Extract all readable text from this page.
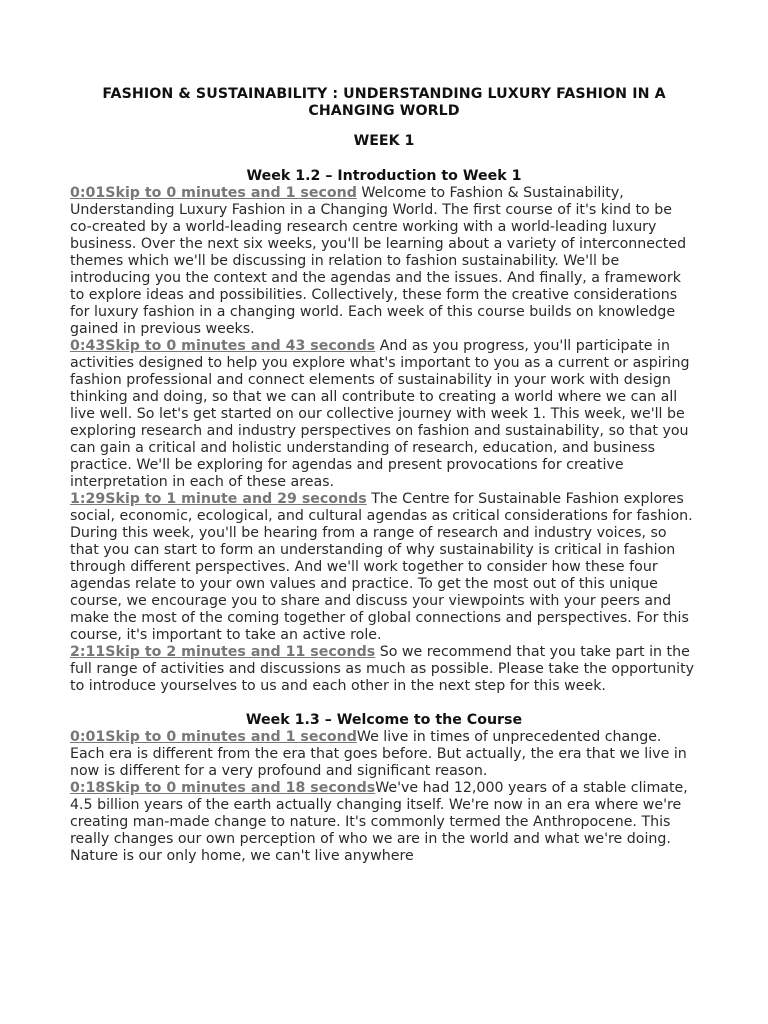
FASHION & SUSTAINABILITY : UNDERSTANDING LUXURY FASHION IN A CHANGING WORLD
WEEK 1
Week 1.2 – Introduction to Week 1

0:01Skip to 0 minutes and 1 second Welcome to Fashion & Sustainability, Understanding Luxury Fashion in a Changing World. The first course of it's kind to be co-created by a world-leading research centre working with a world-leading luxury business. Over the next six weeks, you'll be learning about a variety of interconnected themes which we'll be discussing in relation to fashion sustainability. We'll be introducing you the context and the agendas and the issues. And finally, a framework to explore ideas and possibilities. Collectively, these form the creative considerations for luxury fashion in a changing world. Each week of this course builds on knowledge gained in previous weeks.

0:43Skip to 0 minutes and 43 seconds And as you progress, you'll participate in activities designed to help you explore what's important to you as a current or aspiring fashion professional and connect elements of sustainability in your work with design thinking and doing, so that we can all contribute to creating a world where we can all live well. So let's get started on our collective journey with week 1. This week, we'll be exploring research and industry perspectives on fashion and sustainability, so that you can gain a critical and holistic understanding of research, education, and business practice. We'll be exploring for agendas and present provocations for creative interpretation in each of these areas.

1:29Skip to 1 minute and 29 seconds The Centre for Sustainable Fashion explores social, economic, ecological, and cultural agendas as critical considerations for fashion. During this week, you'll be hearing from a range of research and industry voices, so that you can start to form an understanding of why sustainability is critical in fashion through different perspectives. And we'll work together to consider how these four agendas relate to your own values and practice. To get the most out of this unique course, we encourage you to share and discuss your viewpoints with your peers and make the most of the coming together of global connections and perspectives. For this course, it's important to take an active role.

2:11Skip to 2 minutes and 11 seconds So we recommend that you take part in the full range of activities and discussions as much as possible. Please take the opportunity to introduce yourselves to us and each other in the next step for this week.

Week 1.3 – Welcome to the Course

0:01Skip to 0 minutes and 1 secondWe live in times of unprecedented change. Each era is different from the era that goes before. But actually, the era that we live in now is different for a very profound and significant reason.

0:18Skip to 0 minutes and 18 secondsWe've had 12,000 years of a stable climate, 4.5 billion years of the earth actually changing itself. We're now in an era where we're creating man-made change to nature. It's commonly termed the Anthropocene. This really changes our own perception of who we are in the world and what we're doing. Nature is our only home, we can't live anywhere
